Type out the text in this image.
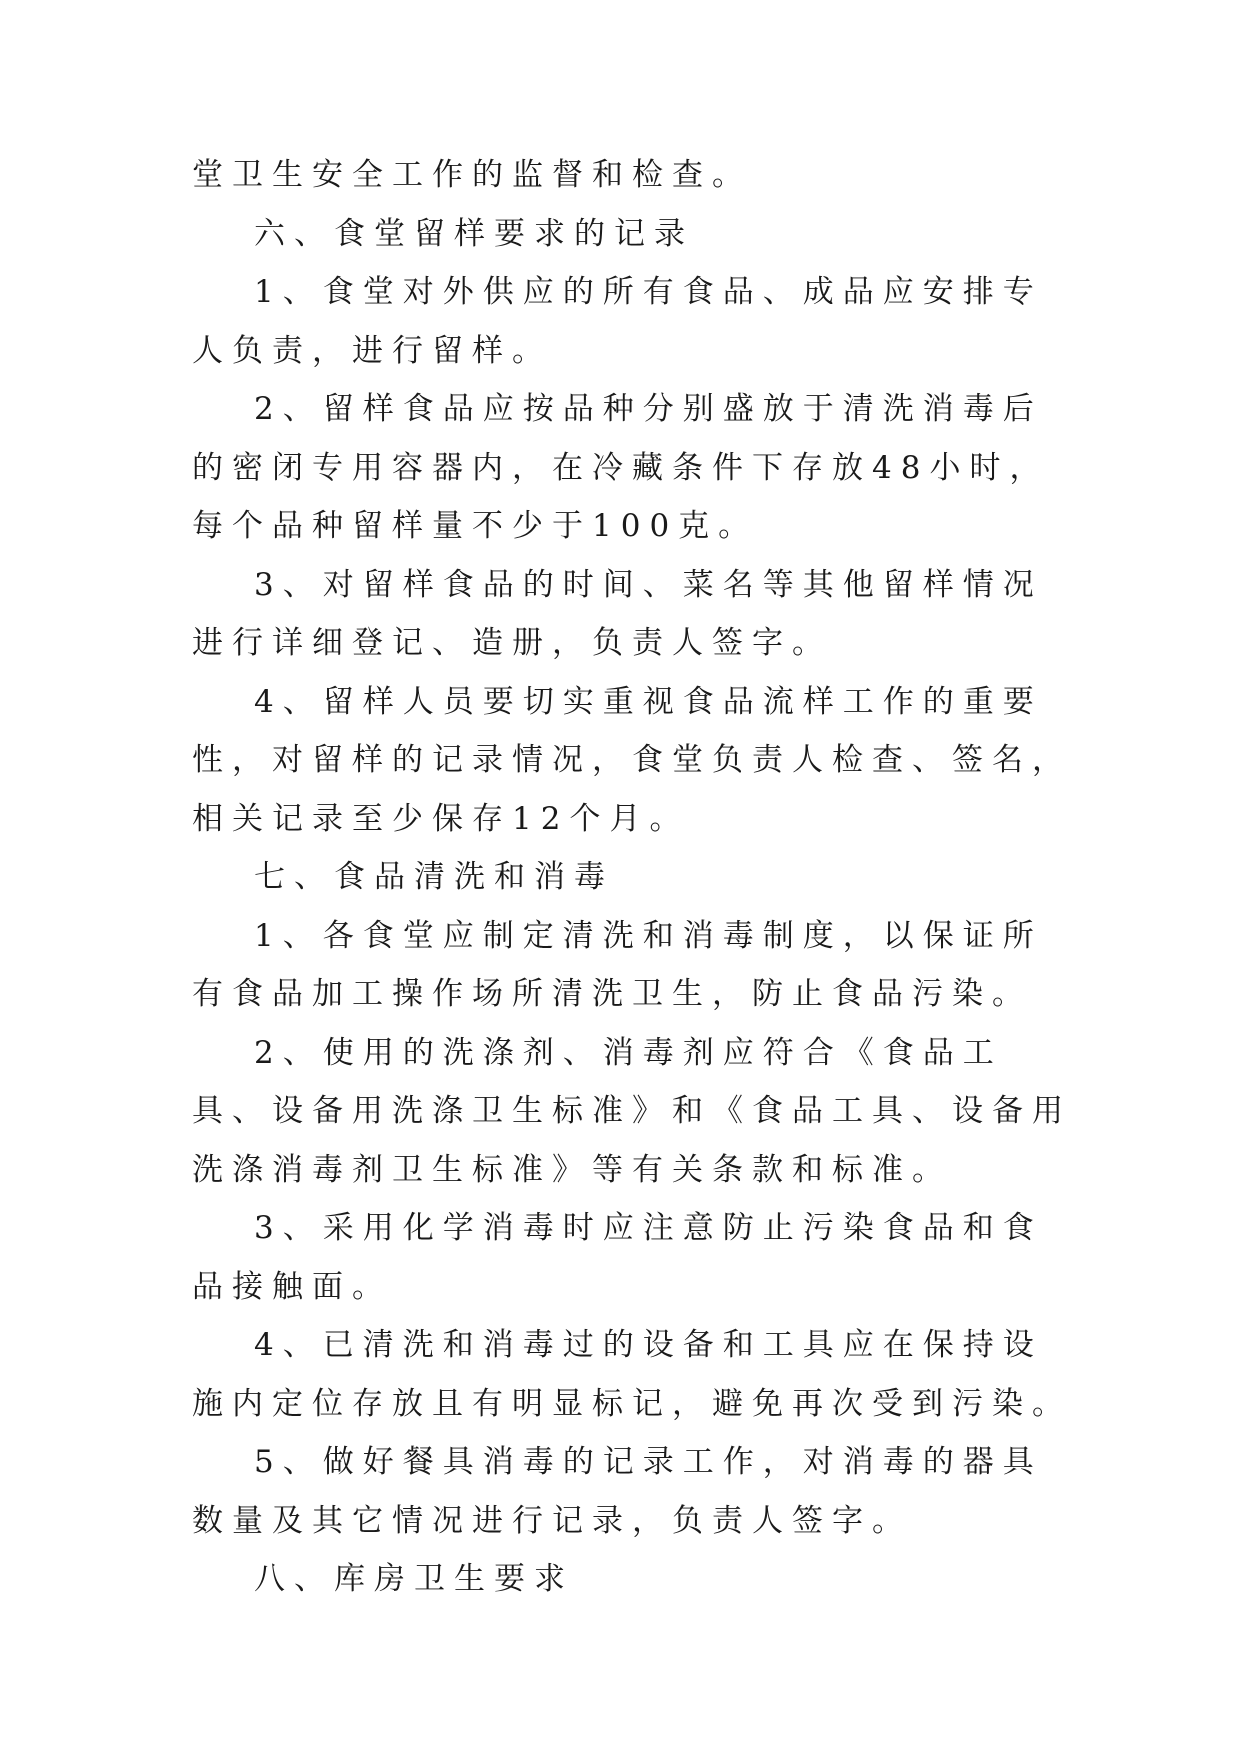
堂卫生安全工作的监督和检查。

六、食堂留样要求的记录

1、食堂对外供应的所有食品、成品应安排专人负责，进行留样。

2、留样食品应按品种分别盛放于清洗消毒后的密闭专用容器内，在冷藏条件下存放48小时，每个品种留样量不少于100克。

3、对留样食品的时间、菜名等其他留样情况进行详细登记、造册，负责人签字。

4、留样人员要切实重视食品流样工作的重要性，对留样的记录情况，食堂负责人检查、签名，相关记录至少保存12个月。

七、食品清洗和消毒

1、各食堂应制定清洗和消毒制度，以保证所有食品加工操作场所清洗卫生，防止食品污染。

2、使用的洗涤剂、消毒剂应符合《食品工具、设备用洗涤卫生标准》和《食品工具、设备用洗涤消毒剂卫生标准》等有关条款和标准。

3、采用化学消毒时应注意防止污染食品和食品接触面。

4、已清洗和消毒过的设备和工具应在保持设施内定位存放且有明显标记，避免再次受到污染。

5、做好餐具消毒的记录工作，对消毒的器具数量及其它情况进行记录，负责人签字。

八、库房卫生要求
